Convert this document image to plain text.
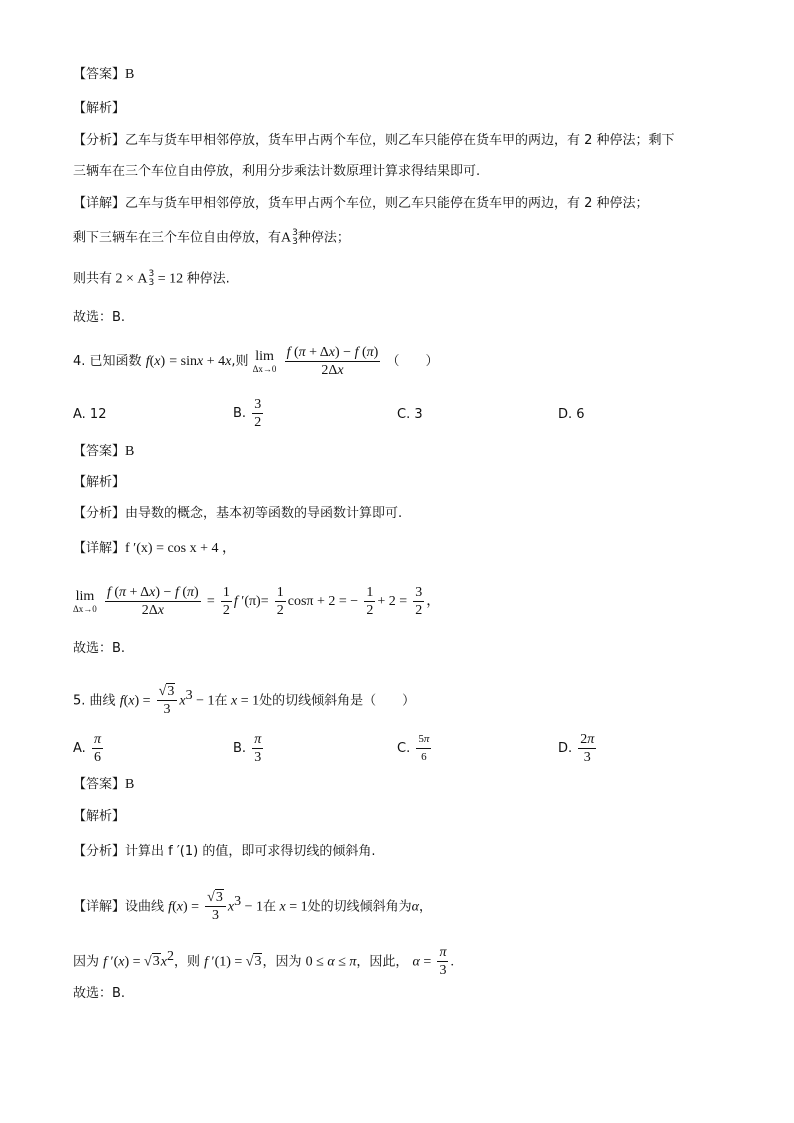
【答案】B
【解析】
【分析】乙车与货车甲相邻停放，货车甲占两个车位，则乙车只能停在货车甲的两边，有 2 种停法；剩下
三辆车在三个车位自由停放，利用分步乘法计数原理计算求得结果即可.
【详解】乙车与货车甲相邻停放，货车甲占两个车位，则乙车只能停在货车甲的两边，有 2 种停法；
剩下三辆车在三个车位自由停放，有A 3
3 种停法；
则共有 2 × A 3
3 = 12 种停法.
故选：B.
4. 已知函数 f(x) = sinx + 4x,则 lim
Δx→0
$\frac{f (\pi + \Delta x) - f (\pi)}{2\Delta x}$ （　　）
A. 12	B. $\frac{3}{2}$	C. 3	D. 6
【答案】B
【解析】
【分析】由导数的概念，基本初等函数的导函数计算即可.
【详解】f ′(x) = cos x + 4 ，
lim
Δx→0
$\frac{f (\pi + \Delta x) - f (\pi)}{2\Delta x} = \frac{1}{2}$ f $'(\pi)= \frac{1}{2}$ cosπ + 2 = − $\frac{1}{2} + 2 = \frac{3}{2}$ ，
故选：B.
5. 曲线 $f(x) = \frac{√3}{3} x^3 - 1$在 x = 1处的切线倾斜角是（　　）
A. $\frac{\pi}{6}$	B. $\frac{\pi}{3}$	C. $\frac{5\pi}{6}$	D. $\frac{2\pi}{3}$
【答案】B
【解析】
【分析】计算出 f ′(1) 的值，即可求得切线的倾斜角.
【详解】设曲线 $f(x) = \frac{√3}{3} x^3 - 1$在 x = 1处的切线倾斜角为α，
因为 f $'(x) = √3x^2$，则 f ′(1) = √3，因为 0 ≤ α ≤ π，因此， $\alpha = \frac{\pi}{3}$ .
故选：B.
